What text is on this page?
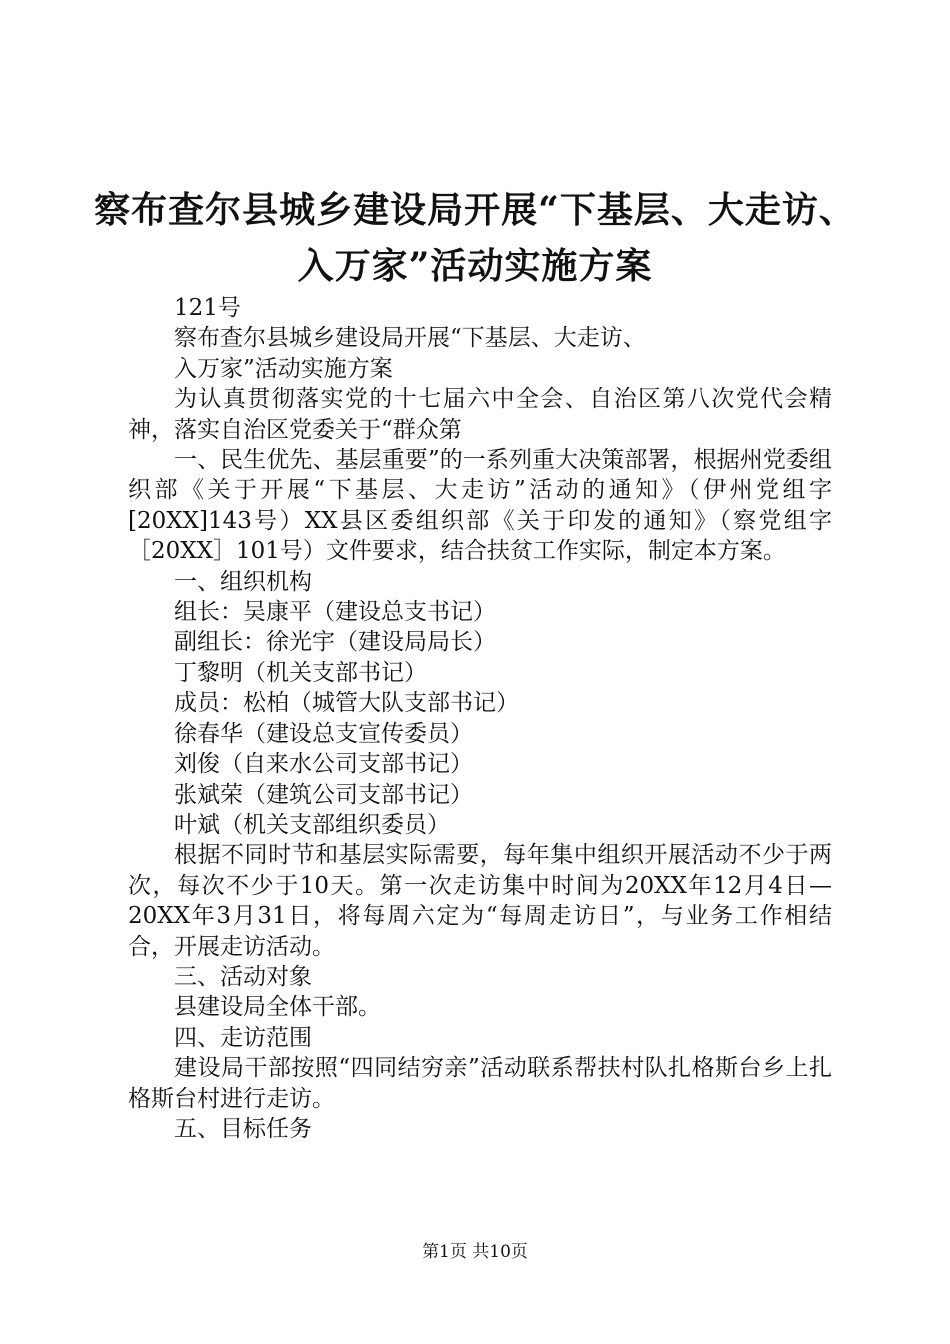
察布查尔县城乡建设局开展“下基层、大走访、
入万家”活动实施方案

121号

察布查尔县城乡建设局开展“下基层、大走访、

入万家”活动实施方案

为认真贯彻落实党的十七届六中全会、自治区第八次党代会精神，落实自治区党委关于“群众第

一、民生优先、基层重要”的一系列重大决策部署，根据州党委组织部《关于开展“下基层、大走访”活动的通知》（伊州党组字[20XX]143号）XX县区委组织部《关于印发的通知》（察党组字［20XX］101号）文件要求，结合扶贫工作实际，制定本方案。

一、组织机构

组长：吴康平（建设总支书记）

副组长：徐光宇（建设局局长）

丁黎明（机关支部书记）

成员：松柏（城管大队支部书记）

徐春华（建设总支宣传委员）

刘俊（自来水公司支部书记）

张斌荣（建筑公司支部书记）

叶斌（机关支部组织委员）

根据不同时节和基层实际需要，每年集中组织开展活动不少于两次，每次不少于10天。第一次走访集中时间为20XX年12月4日—20XX年3月31日，将每周六定为“每周走访日”，与业务工作相结合，开展走访活动。

三、活动对象

县建设局全体干部。

四、走访范围

建设局干部按照“四同结穷亲”活动联系帮扶村队扎格斯台乡上扎格斯台村进行走访。

五、目标任务

第1页 共10页
